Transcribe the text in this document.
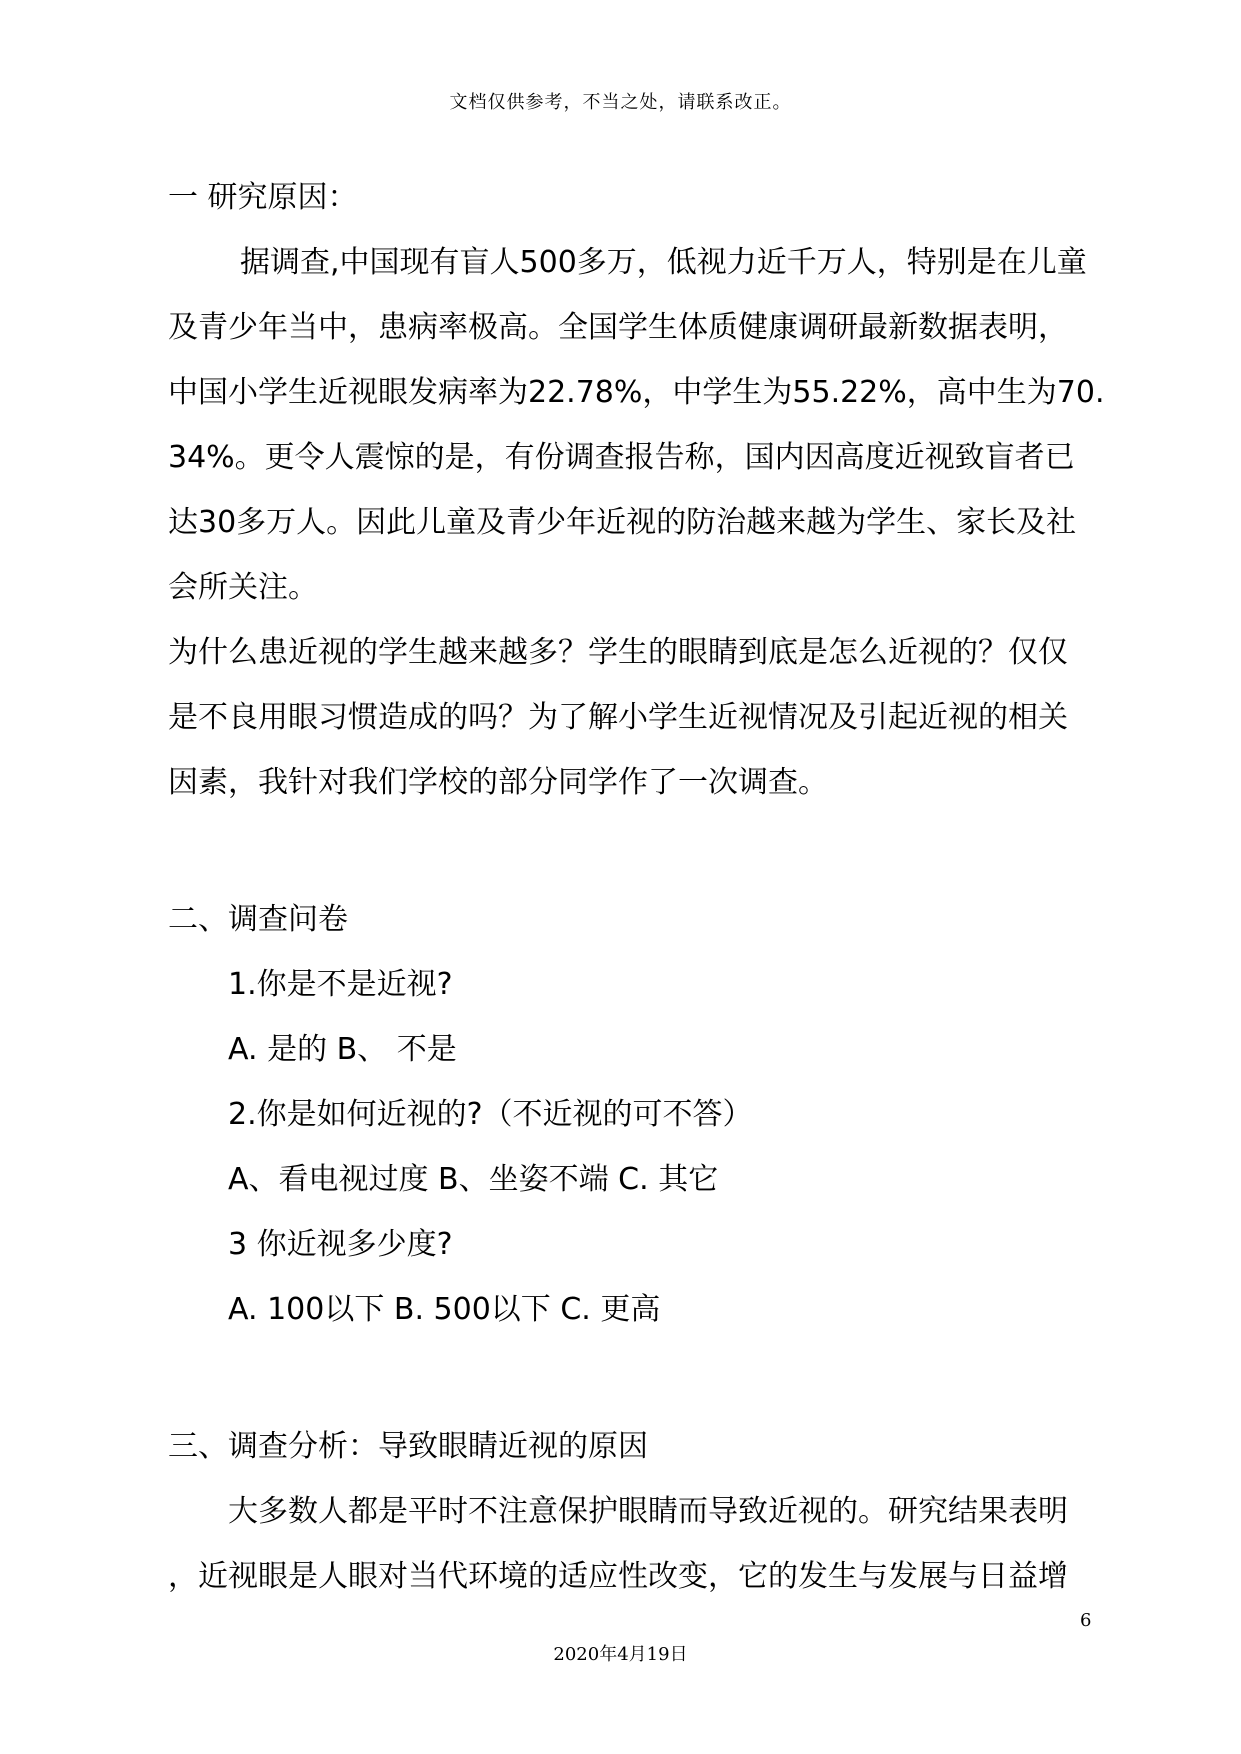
文档仅供参考，不当之处，请联系改正。
一 研究原因：
据调查,中国现有盲人500多万，低视力近千万人，特别是在儿童
及青少年当中，患病率极高。全国学生体质健康调研最新数据表明，
中国小学生近视眼发病率为22.78%，中学生为55.22%，高中生为70.
34%。更令人震惊的是，有份调查报告称，国内因高度近视致盲者已
达30多万人。因此儿童及青少年近视的防治越来越为学生、家长及社
会所关注。
为什么患近视的学生越来越多？学生的眼睛到底是怎么近视的？仅仅
是不良用眼习惯造成的吗？为了解小学生近视情况及引起近视的相关
因素，我针对我们学校的部分同学作了一次调查。
二、调查问卷
1.你是不是近视?
A. 是的 B、 不是
2.你是如何近视的?（不近视的可不答）
A、看电视过度 B、坐姿不端 C. 其它
3 你近视多少度?
A. 100以下 B. 500以下 C. 更高
三、调查分析：导致眼睛近视的原因
大多数人都是平时不注意保护眼睛而导致近视的。研究结果表明
，近视眼是人眼对当代环境的适应性改变，它的发生与发展与日益增
6
2020年4月19日
